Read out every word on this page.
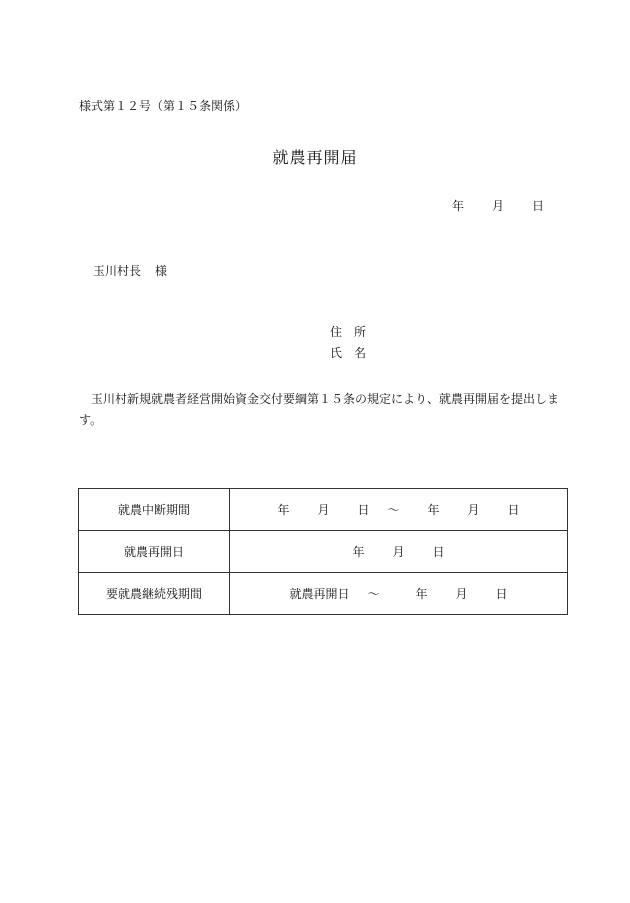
様式第１２号（第１５条関係）
就農再開届
年 月 日
玉川村長 様
住 所
氏 名
玉川村新規就農者経営開始資金交付要綱第１５条の規定により、就農再開届を提出します。
就農中断期間	年 月 日 ～ 年 月 日

就農再開日	年 月 日

要就農継続残期間	就農再開日 ～ 年 月 日
